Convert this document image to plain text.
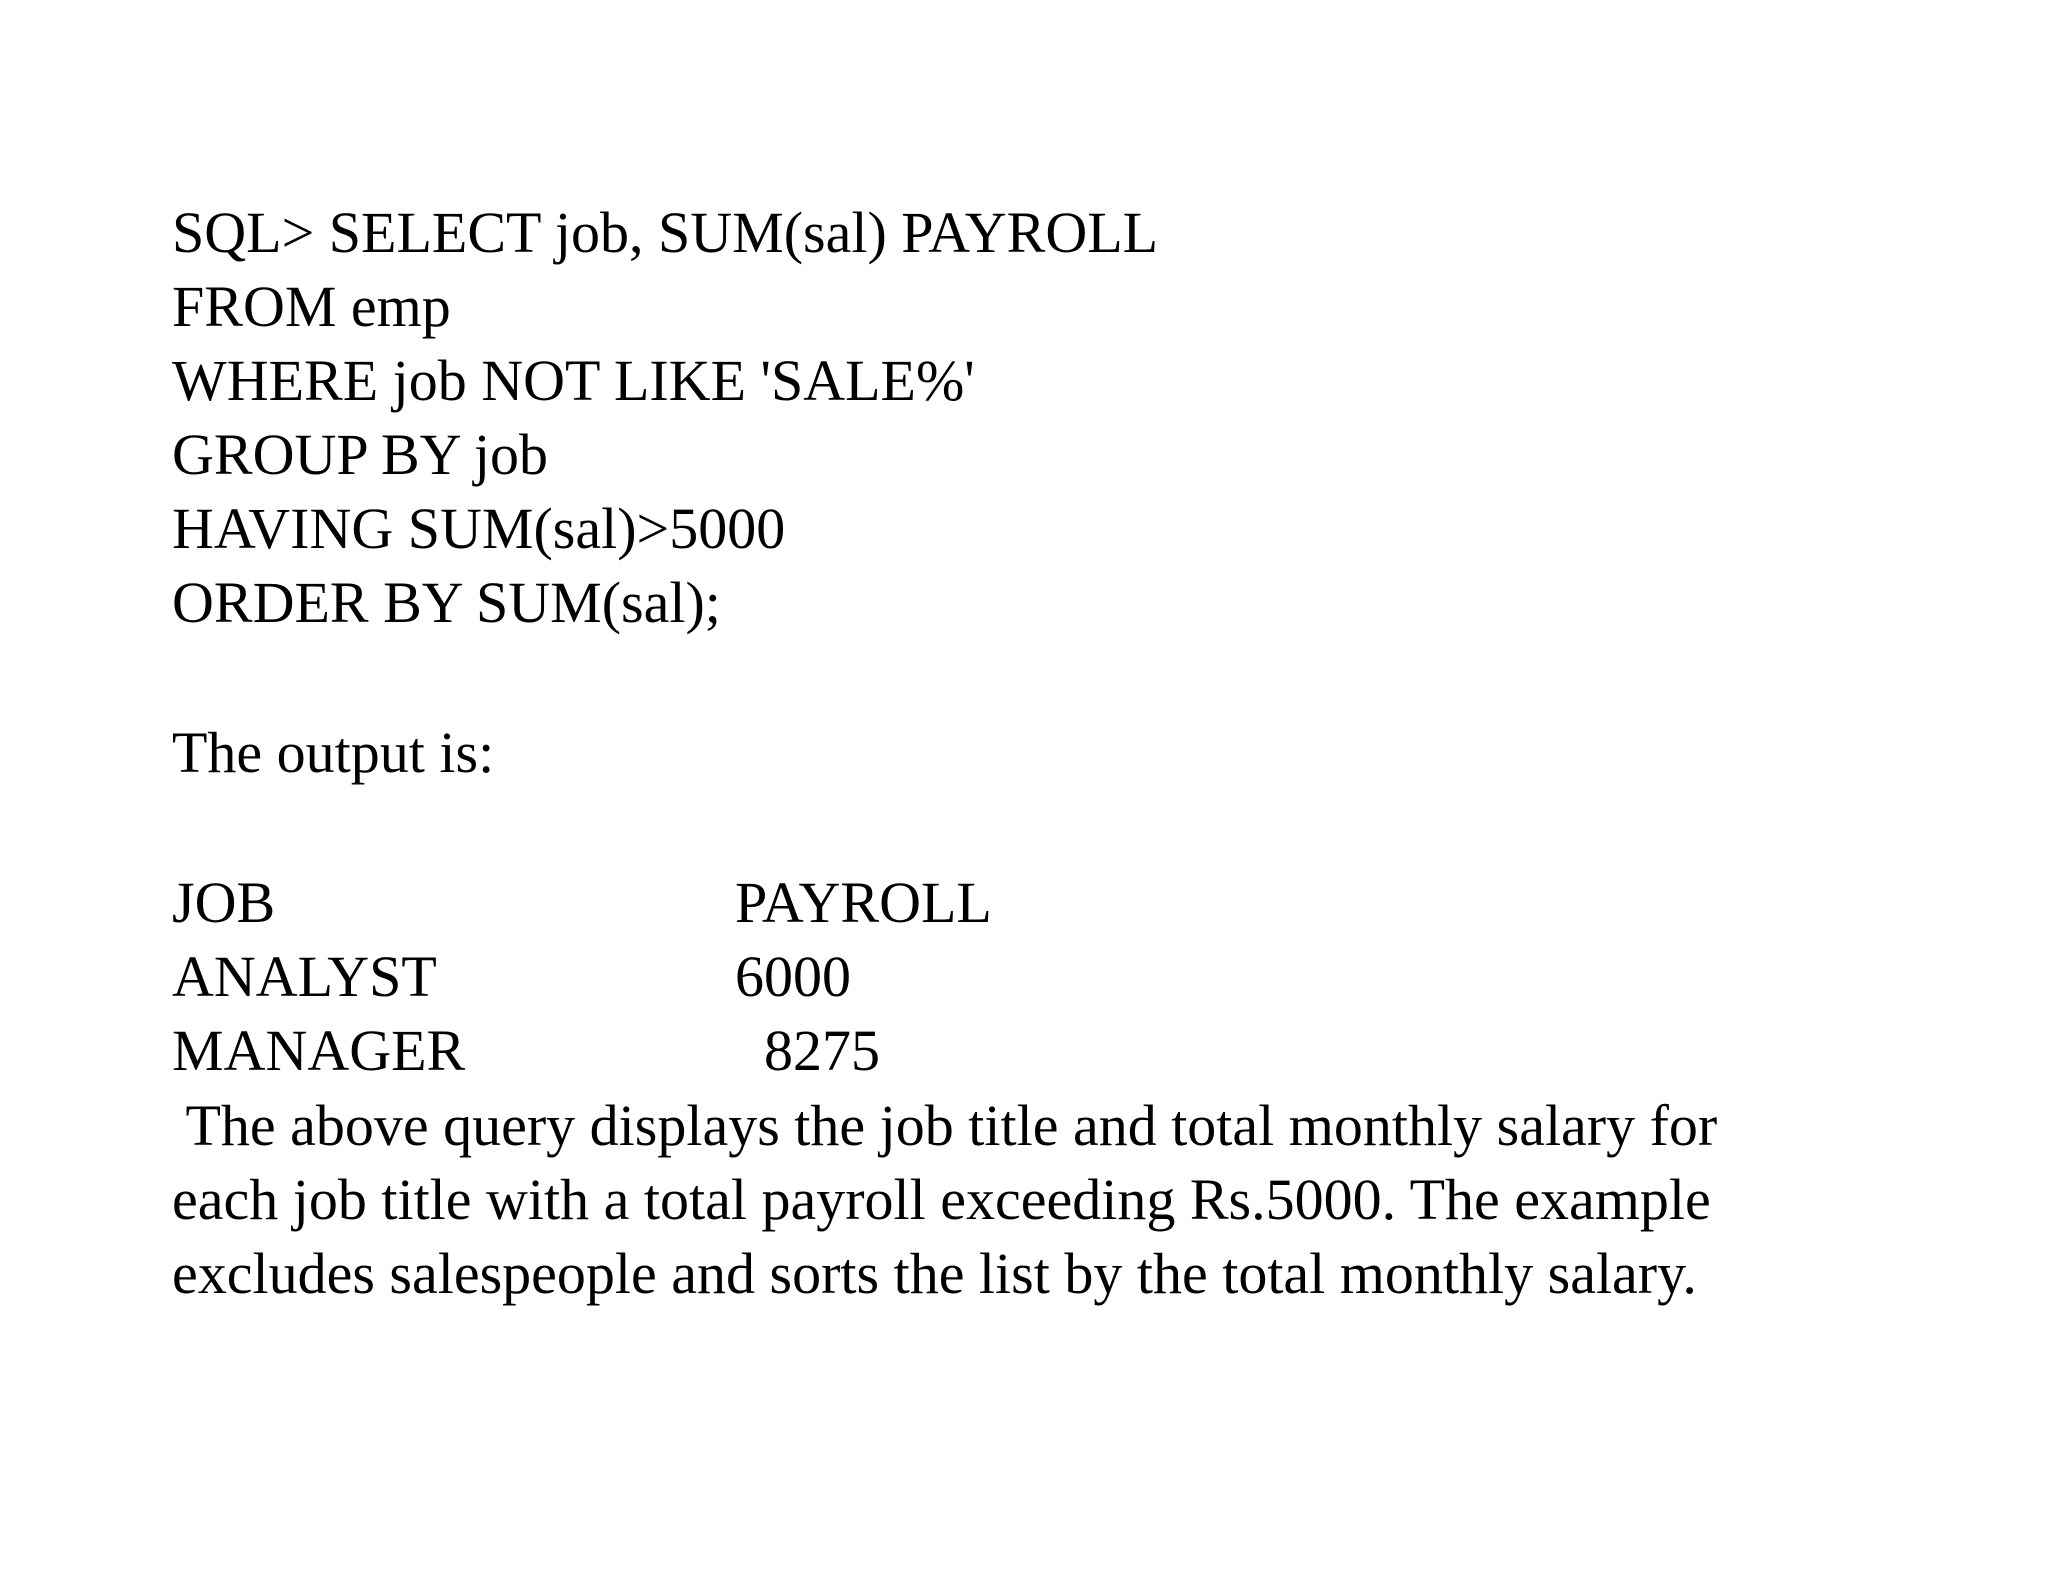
SQL> SELECT job, SUM(sal) PAYROLL

FROM emp

WHERE job NOT LIKE 'SALE%'

GROUP BY job

HAVING SUM(sal)>5000

ORDER BY SUM(sal);

The output is:

JOB	PAYROLL

ANALYST	6000

MANAGER	8275

The above query displays the job title and total monthly salary for

each job title with a total payroll exceeding Rs.5000. The example

excludes salespeople and sorts the list by the total monthly salary.
